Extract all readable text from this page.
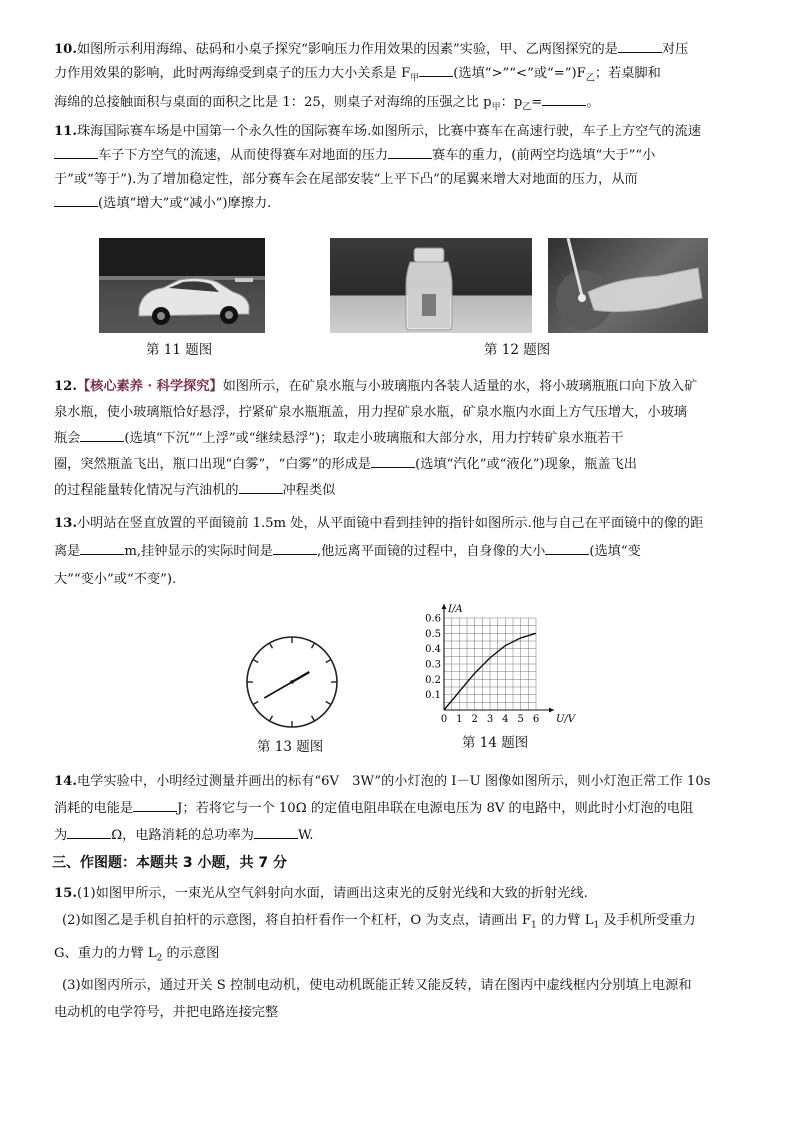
10.如图所示利用海绵、砝码和小桌子探究“影响压力作用效果的因素”实验，甲、乙两图探究的是	对压

力作用效果的影响，此时两海绵受到桌子的压力大小关系是 $F_甲$	(选填“>”“<”或“$=”)F_乙$；若桌脚和

海绵的总接触面积与桌面的面积之比是 1：25，则桌子对海绵的压强之比 $p_甲$：$p_乙=$	。

11.珠海国际赛车场是中国第一个永久性的国际赛车场.如图所示，比赛中赛车在高速行驶，车子上方空气的流速

车子下方空气的流速，从而使得赛车对地面的压力	赛车的重力，(前两空均选填“大于”“小

于”或“等于”).为了增加稳定性，部分赛车会在尾部安装“上平下凸”的尾翼来增大对地面的压力，从而

(选填“增大”或“减小”)摩擦力.

第 11 题图	第 12 题图

12.【核心素养 · 科学探究】如图所示，在矿泉水瓶与小玻璃瓶内各装人适量的水，将小玻璃瓶瓶口向下放入矿

泉水瓶，使小玻璃瓶恰好悬浮，拧紧矿泉水瓶瓶盖，用力捏矿泉水瓶，矿泉水瓶内水面上方气压增大，小玻璃

瓶会	(选填“下沉”“上浮”或“继续悬浮”)；取走小玻璃瓶和大部分水，用力拧转矿泉水瓶若干

圈，突然瓶盖飞出，瓶口出现“白雾”，“白雾”的形成是	(选填“汽化”或“液化”)现象，瓶盖飞出

的过程能量转化情况与汽油机的	冲程类似

13.小明站在竖直放置的平面镜前 1.5m 处，从平面镜中看到挂钟的指针如图所示.他与自己在平面镜中的像的距

离是	m,挂钟显示的实际时间是	,他远离平面镜的过程中，自身像的大小	(选填“变

大”“变小”或“不变”).

第 13 题图
0 1 2 3 4 5 6
0.1
0.2
0.3
0.4
0.5
0.6
I/A
U/V
第 14 题图

14.电学实验中，小明经过测量并画出的标有“6V　3W”的小灯泡的 I－U 图像如图所示，则小灯泡正常工作 10s

消耗的电能是	J；若将它与一个 10Ω 的定值电阻串联在电源电压为 8V 的电路中，则此时小灯泡的电阻

为	Ω，电路消耗的总功率为	W.

三、作图题：本题共 3 小题，共 7 分

15.(1)如图甲所示，一束光从空气斜射向水面，请画出这束光的反射光线和大致的折射光线.

(2)如图乙是手机自拍杆的示意图，将自拍杆看作一个杠杆，O 为支点，请画出 $F_1$ 的力臂 $L_1$ 及手机所受重力

G、重力的力臂 $L_2$ 的示意图

(3)如图丙所示，通过开关 S 控制电动机，使电动机既能正转又能反转，请在图丙中虚线框内分别填上电源和

电动机的电学符号，并把电路连接完整
